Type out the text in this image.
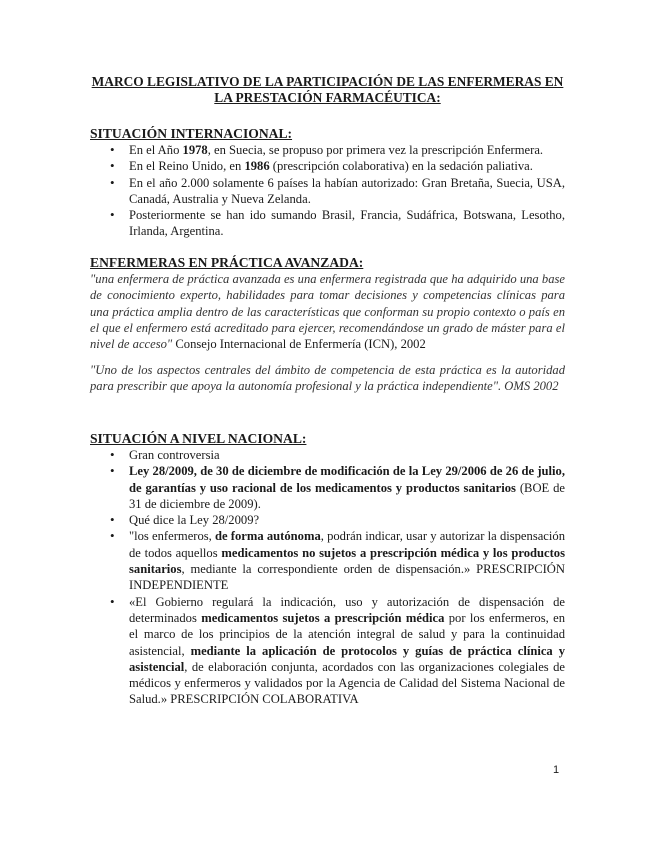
MARCO LEGISLATIVO DE LA PARTICIPACIÓN DE LAS ENFERMERAS EN LA PRESTACIÓN FARMACÉUTICA:
SITUACIÓN INTERNACIONAL:
• En el Año 1978, en Suecia, se propuso por primera vez la prescripción Enfermera.
• En el Reino Unido, en 1986 (prescripción colaborativa) en la sedación paliativa.
• En el año 2.000 solamente 6 países la habían autorizado: Gran Bretaña, Suecia, USA, Canadá, Australia y Nueva Zelanda.
• Posteriormente se han ido sumando Brasil, Francia, Sudáfrica, Botswana, Lesotho, Irlanda, Argentina.
ENFERMERAS EN PRÁCTICA AVANZADA:
"una enfermera de práctica avanzada es una enfermera registrada que ha adquirido una base de conocimiento experto, habilidades para tomar decisiones y competencias clínicas para una práctica amplia dentro de las características que conforman su propio contexto o país en el que el enfermero está acreditado para ejercer, recomendándose un grado de máster para el nivel de acceso" Consejo Internacional de Enfermería (ICN), 2002
"Uno de los aspectos centrales del ámbito de competencia de esta práctica es la autoridad para prescribir que apoya la autonomía profesional y la práctica independiente". OMS 2002
SITUACIÓN A NIVEL NACIONAL:
• Gran controversia
• Ley 28/2009, de 30 de diciembre de modificación de la Ley 29/2006 de 26 de julio, de garantías y uso racional de los medicamentos y productos sanitarios (BOE de 31 de diciembre de 2009).
• Qué dice la Ley 28/2009?
• "los enfermeros, de forma autónoma, podrán indicar, usar y autorizar la dispensación de todos aquellos medicamentos no sujetos a prescripción médica y los productos sanitarios, mediante la correspondiente orden de dispensación.» PRESCRIPCIÓN INDEPENDIENTE
• «El Gobierno regulará la indicación, uso y autorización de dispensación de determinados medicamentos sujetos a prescripción médica por los enfermeros, en el marco de los principios de la atención integral de salud y para la continuidad asistencial, mediante la aplicación de protocolos y guías de práctica clínica y asistencial, de elaboración conjunta, acordados con las organizaciones colegiales de médicos y enfermeros y validados por la Agencia de Calidad del Sistema Nacional de Salud.» PRESCRIPCIÓN COLABORATIVA
1
